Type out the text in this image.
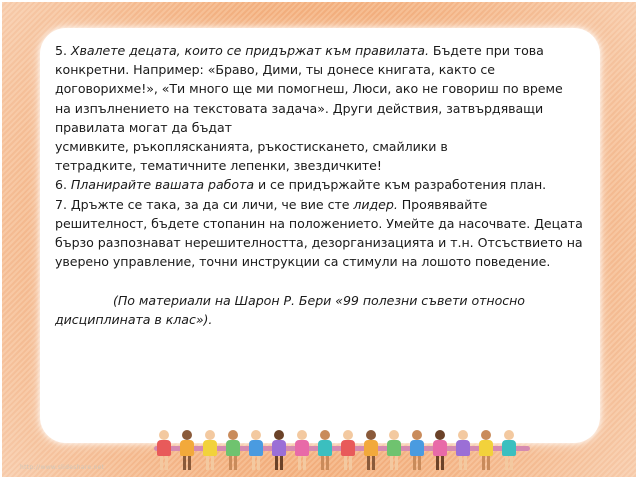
5. Хвалете децата, които се придържат към правилата. Бъдете при това

конкретни. Например: «Браво, Дими, ты донесе книгата, както се

договорихме!», «Ти много ще ми помогнеш, Люси, ако не говориш по време

на изпълнението на текстовата задача». Други действия, затвърдяващи

правилата могат да бъдат

усмивките, ръкоплясканията, ръкостисканeто, смайлики в

тетрадките, тематичните лепенки, звездичките!

6. Планирайте вашата работа и се придържайте към разработения план.

7. Дръжте се така, за да си личи, че вие сте лидер. Проявявайте

решителност, бъдете стопанин на положението. Умейте да насочвате. Децата

бързо разпознават нерешителността, дезорганизацията и т.н. Отсъствието на

уверено управление, точни инструкции са стимули на лошото поведение.

(По материали на Шарон Р. Бери «99 полезни съвети относно

дисциплината в клас»).

http://www.slideshare.net
